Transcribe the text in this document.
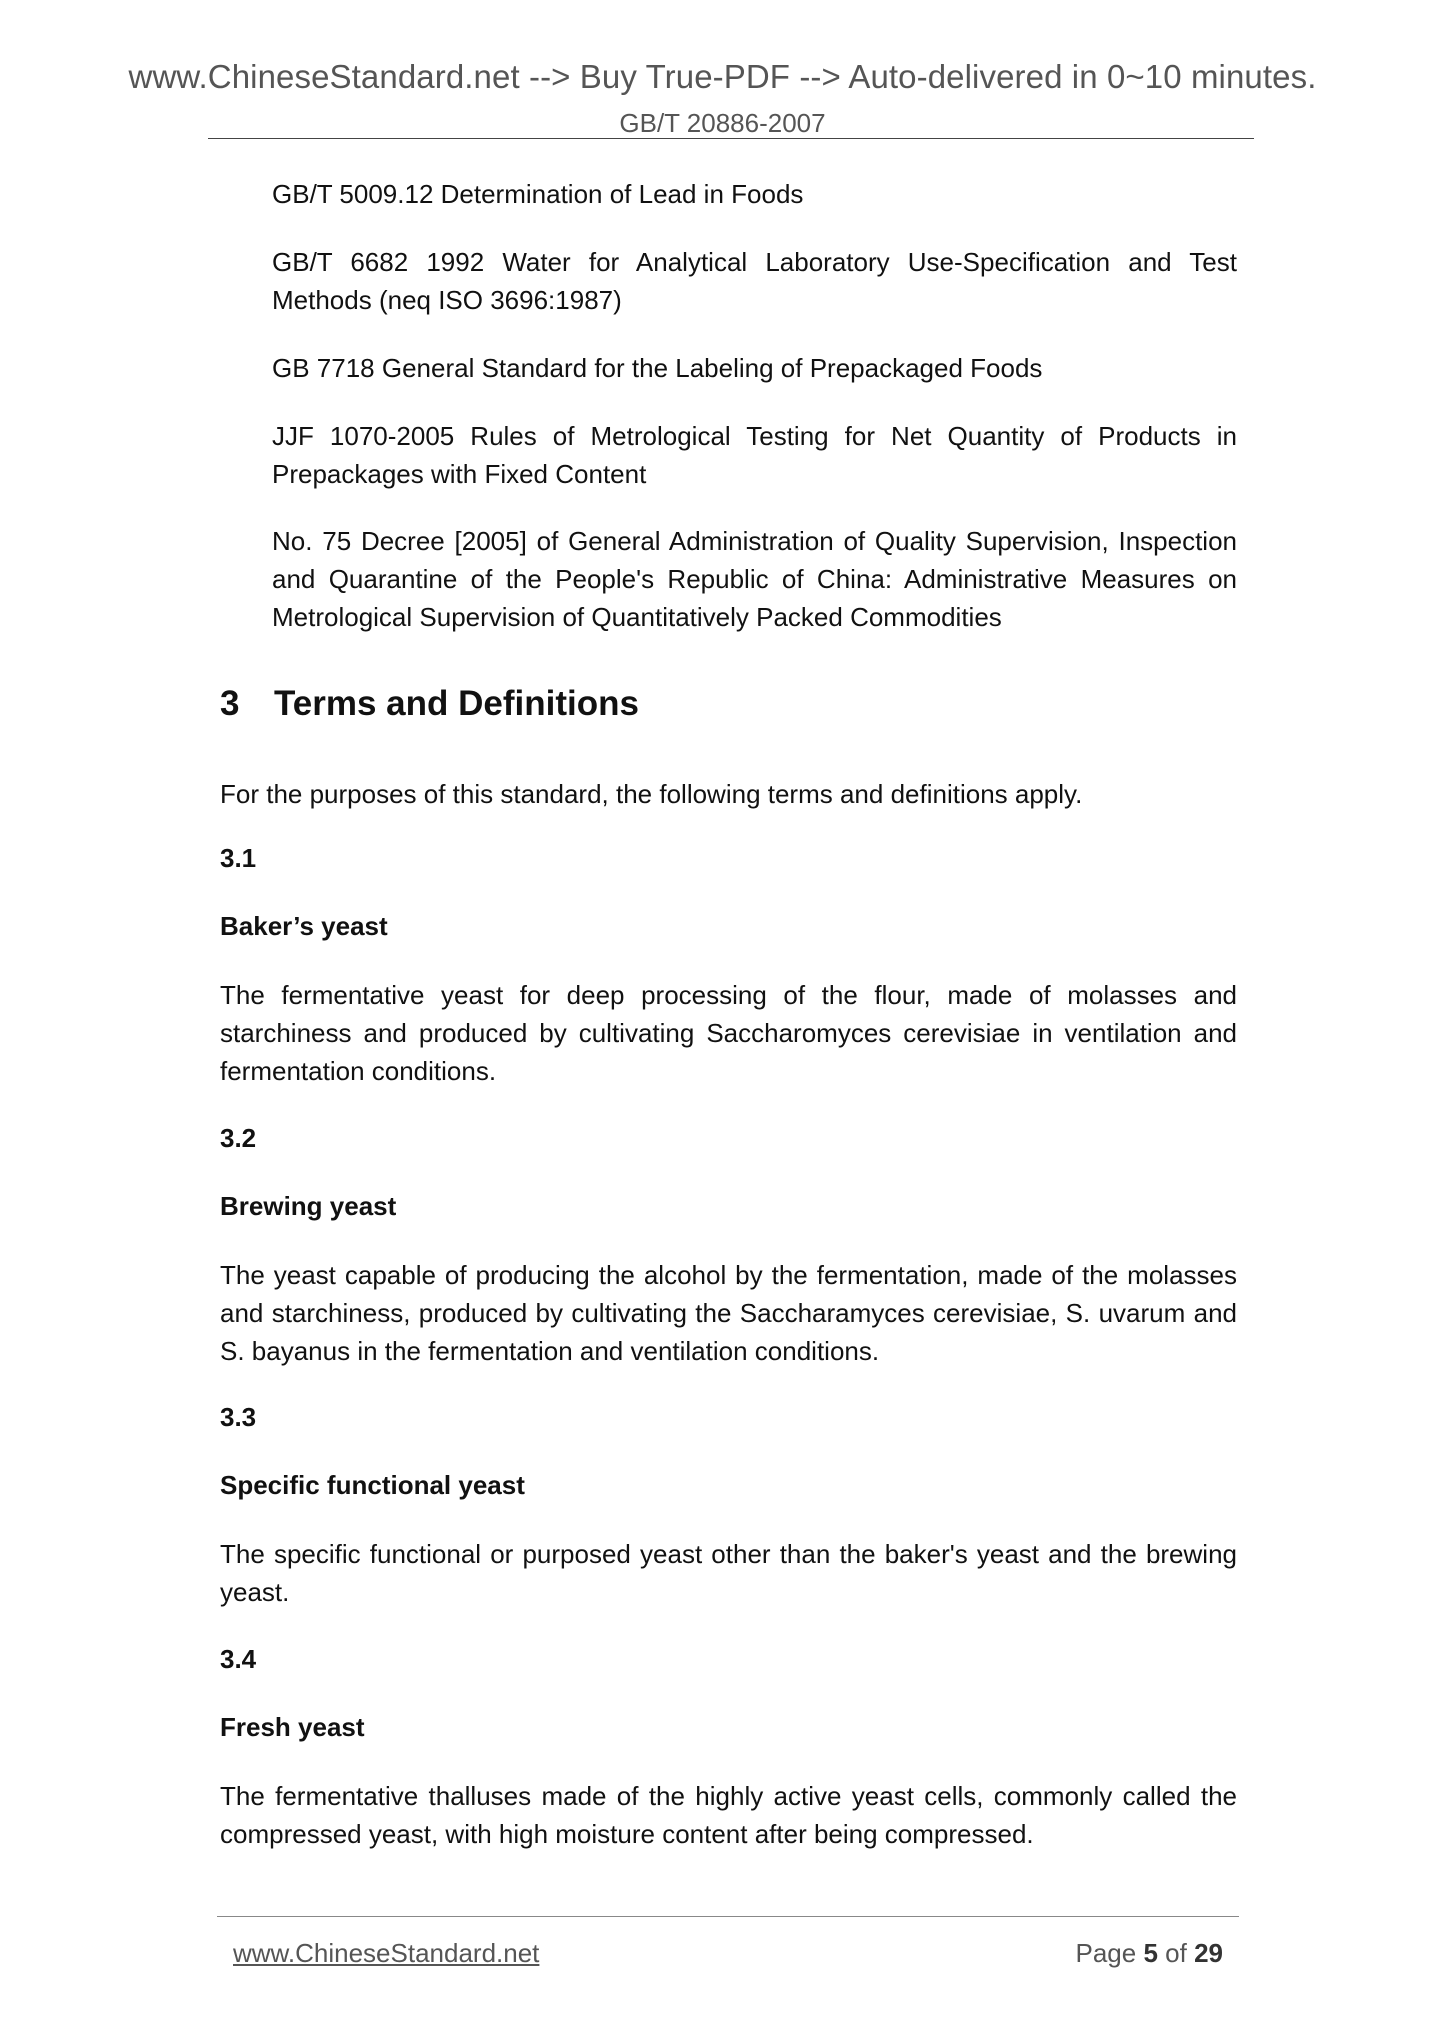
www.ChineseStandard.net --> Buy True-PDF --> Auto-delivered in 0~10 minutes.
GB/T 20886-2007
GB/T 5009.12 Determination of Lead in Foods
GB/T 6682 1992 Water for Analytical Laboratory Use-Specification and Test Methods (neq ISO 3696:1987)
GB 7718 General Standard for the Labeling of Prepackaged Foods
JJF 1070-2005 Rules of Metrological Testing for Net Quantity of Products in Prepackages with Fixed Content
No. 75 Decree [2005] of General Administration of Quality Supervision, Inspection and Quarantine of the People's Republic of China: Administrative Measures on Metrological Supervision of Quantitatively Packed Commodities
3 Terms and Definitions
For the purposes of this standard, the following terms and definitions apply.
3.1
Baker’s yeast
The fermentative yeast for deep processing of the flour, made of molasses and starchiness and produced by cultivating Saccharomyces cerevisiae in ventilation and fermentation conditions.
3.2
Brewing yeast
The yeast capable of producing the alcohol by the fermentation, made of the molasses and starchiness, produced by cultivating the Saccharamyces cerevisiae, S. uvarum and S. bayanus in the fermentation and ventilation conditions.
3.3
Specific functional yeast
The specific functional or purposed yeast other than the baker's yeast and the brewing yeast.
3.4
Fresh yeast
The fermentative thalluses made of the highly active yeast cells, commonly called the compressed yeast, with high moisture content after being compressed.
www.ChineseStandard.net	Page 5 of 29
